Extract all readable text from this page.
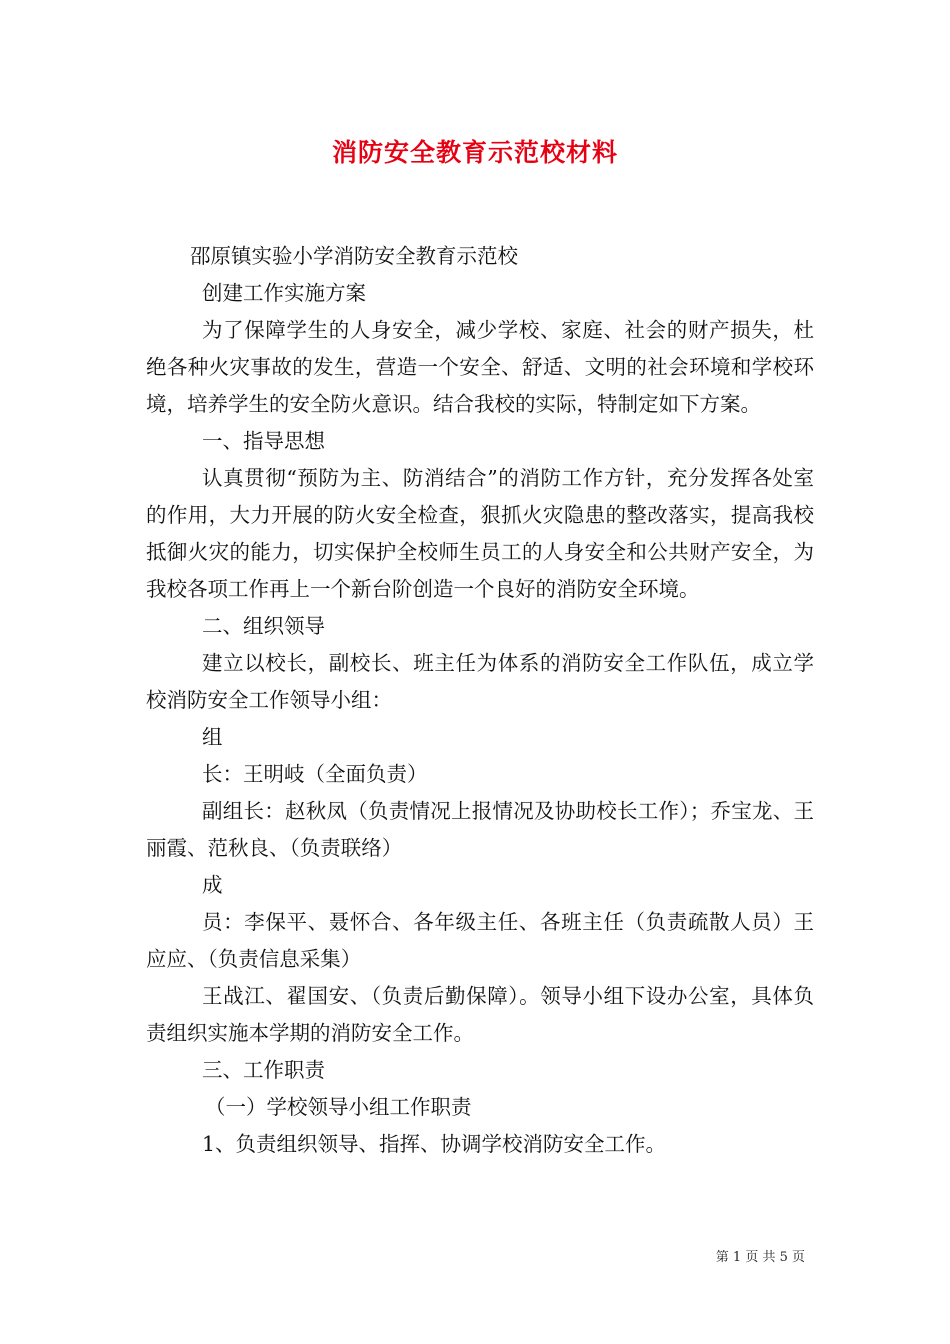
消防安全教育示范校材料

邵原镇实验小学消防安全教育示范校

创建工作实施方案

为了保障学生的人身安全，减少学校、家庭、社会的财产损失，杜绝各种火灾事故的发生，营造一个安全、舒适、文明的社会环境和学校环境，培养学生的安全防火意识。结合我校的实际，特制定如下方案。

一、指导思想

认真贯彻“预防为主、防消结合”的消防工作方针，充分发挥各处室的作用，大力开展的防火安全检查，狠抓火灾隐患的整改落实，提高我校抵御火灾的能力，切实保护全校师生员工的人身安全和公共财产安全，为我校各项工作再上一个新台阶创造一个良好的消防安全环境。

二、组织领导

建立以校长，副校长、班主任为体系的消防安全工作队伍，成立学校消防安全工作领导小组：

组

长：王明岐（全面负责）

副组长：赵秋凤（负责情况上报情况及协助校长工作）；乔宝龙、王丽霞、范秋良、（负责联络）

成

员：李保平、聂怀合、各年级主任、各班主任（负责疏散人员）王应应、（负责信息采集）

王战江、翟国安、（负责后勤保障）。领导小组下设办公室，具体负责组织实施本学期的消防安全工作。

三、工作职责

（一）学校领导小组工作职责

1、负责组织领导、指挥、协调学校消防安全工作。

第 1 页 共 5 页
